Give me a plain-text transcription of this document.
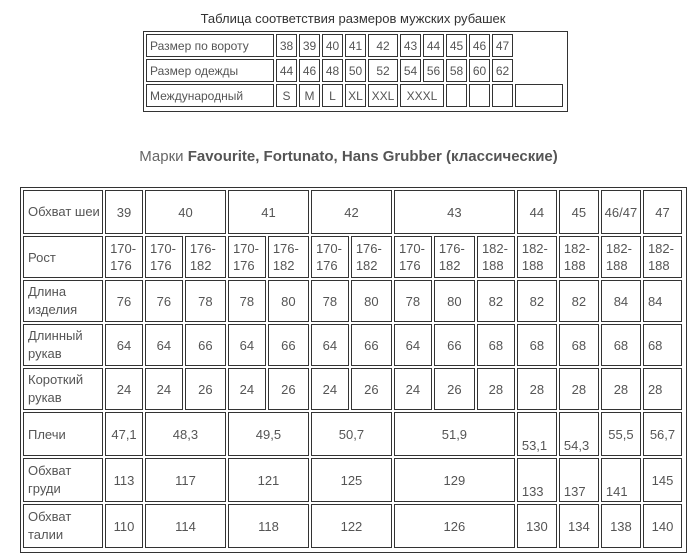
Таблица соответствия размеров мужских рубашек
Размер по вороту	38	39	40	41	42	43	44	45	46	47	
Размер одежды	44	46	48	50	52	54	56	58	60	62	
Международный	S	M	L	XL	XXL	XXXL					
Марки Favourite, Fortunato, Hans Grubber (классические)
Обхват шеи	39	40		41		42		43			44	45	46/47	47
Рост	170-176	170-176	176-182	170-176	176-182	170-176	176-182	170-176	176-182	182-188	182-188	182-188	182-188	182-188
Длина изделия	76	76	78	78	80	78	80	78	80	82	82	82	84	84
Длинный рукав	64	64	66	64	66	64	66	64	66	68	68	68	68	68
Короткий рукав	24	24	26	24	26	24	26	24	26	28	28	28	28	28
Плечи	47,1	48,3		49,5		50,7		51,9			53,1	54,3	55,5	56,7
Обхват груди	113	117		121		125		129			133	137	141	145
Обхват талии	110	114		118		122		126			130	134	138	140
